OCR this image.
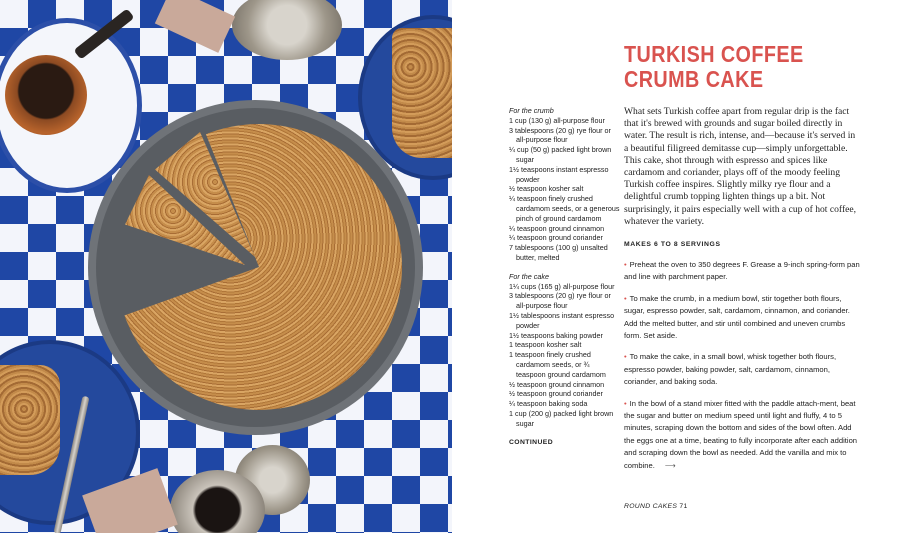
TURKISH COFFEE
CRUMB CAKE
For the crumb
1 cup (130 g) all-purpose flour
3 tablespoons (20 g) rye flour or all-purpose flour
¼ cup (50 g) packed light brown sugar
1½ teaspoons instant espresso powder
½ teaspoon kosher salt
¼ teaspoon finely crushed cardamom seeds, or a generous pinch of ground cardamom
¼ teaspoon ground cinnamon
¼ teaspoon ground coriander
7 tablespoons (100 g) unsalted butter, melted
For the cake
1¼ cups (165 g) all-purpose flour
3 tablespoons (20 g) rye flour or all-purpose flour
1½ tablespoons instant espresso powder
1½ teaspoons baking powder
1 teaspoon kosher salt
1 teaspoon finely crushed cardamom seeds, or ¾ teaspoon ground cardamom
½ teaspoon ground cinnamon
½ teaspoon ground coriander
¼ teaspoon baking soda
1 cup (200 g) packed light brown sugar
CONTINUED

What sets Turkish coffee apart from regular drip is the fact that it's brewed with grounds and sugar boiled directly in water. The result is rich, intense, and—because it's served in a beautiful filigreed demitasse cup—simply unforgettable. This cake, shot through with espresso and spices like cardamom and coriander, plays off of the moody feeling Turkish coffee inspires. Slightly milky rye flour and a delightful crumb topping lighten things up a bit. Not surprisingly, it pairs especially well with a cup of hot coffee, whatever the variety.

MAKES 6 TO 8 SERVINGS

• Preheat the oven to 350 degrees F. Grease a 9-inch spring-form pan and line with parchment paper.

• To make the crumb, in a medium bowl, stir together both flours, sugar, espresso powder, salt, cardamom, cinnamon, and coriander. Add the melted butter, and stir until combined and uneven crumbs form. Set aside.

• To make the cake, in a small bowl, whisk together both flours, espresso powder, baking powder, salt, cardamom, cinnamon, coriander, and baking soda.

• In the bowl of a stand mixer fitted with the paddle attach-ment, beat the sugar and butter on medium speed until light and fluffy, 4 to 5 minutes, scraping down the bottom and sides of the bowl often. Add the eggs one at a time, beating to fully incorporate after each addition and scraping down the bowl as needed. Add the vanilla and mix to combine. ⟶

ROUND CAKES 71
